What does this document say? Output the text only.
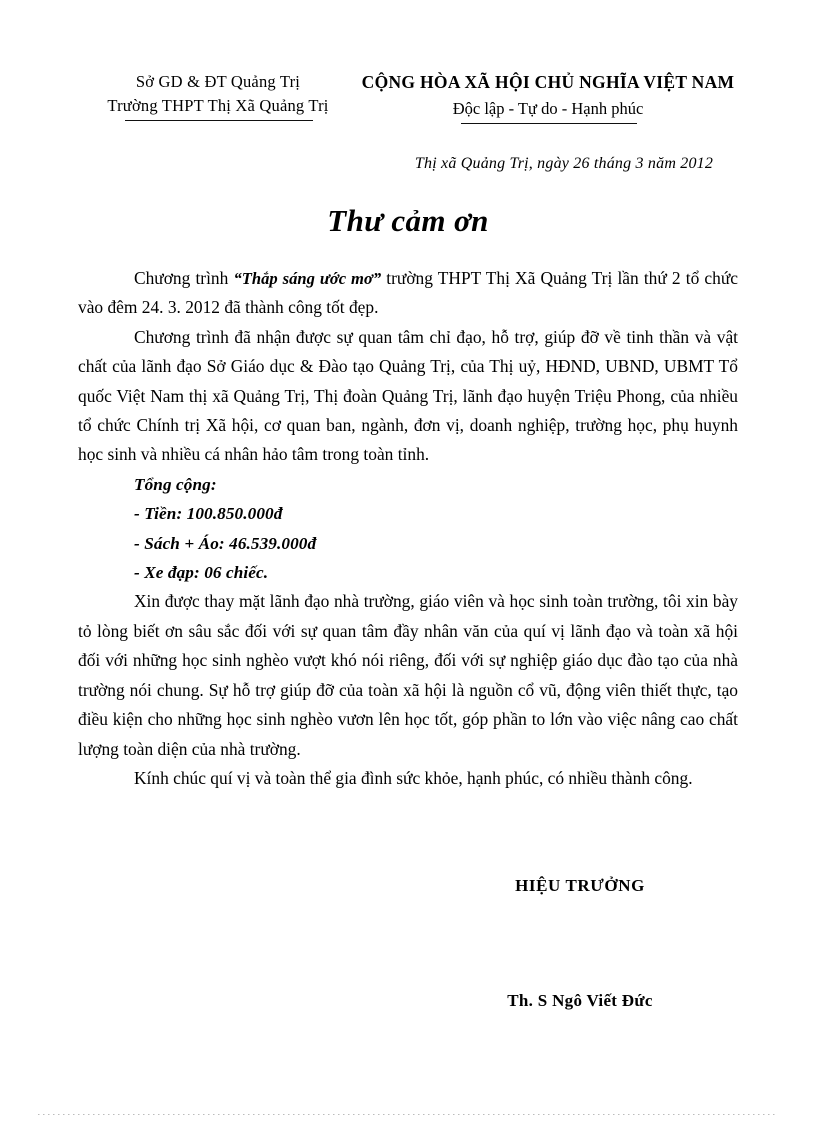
Sở GD & ĐT Quảng Trị
Trường THPT Thị Xã Quảng Trị
CỘNG HÒA XÃ HỘI CHỦ NGHĨA VIỆT NAM
Độc lập - Tự do - Hạnh phúc
Thị xã Quảng Trị, ngày 26 tháng 3 năm 2012
Thư cảm ơn

Chương trình “Thắp sáng ước mơ” trường THPT Thị Xã Quảng Trị lần thứ 2 tổ chức vào đêm 24. 3. 2012 đã thành công tốt đẹp.

Chương trình đã nhận được sự quan tâm chỉ đạo, hỗ trợ, giúp đỡ về tinh thần và vật chất của lãnh đạo Sở Giáo dục & Đào tạo Quảng Trị, của Thị uỷ, HĐND, UBND, UBMT Tổ quốc Việt Nam thị xã Quảng Trị, Thị đoàn Quảng Trị, lãnh đạo huyện Triệu Phong, của nhiều tổ chức Chính trị Xã hội, cơ quan ban, ngành, đơn vị, doanh nghiệp, trường học, phụ huynh học sinh và nhiều cá nhân hảo tâm trong toàn tỉnh.

Tổng cộng:
- Tiền: 100.850.000đ
- Sách + Áo: 46.539.000đ
- Xe đạp: 06 chiếc.

Xin được thay mặt lãnh đạo nhà trường, giáo viên và học sinh toàn trường, tôi xin bày tỏ lòng biết ơn sâu sắc đối với sự quan tâm đầy nhân văn của quí vị lãnh đạo và toàn xã hội đối với những học sinh nghèo vượt khó nói riêng, đối với sự nghiệp giáo dục đào tạo của nhà trường nói chung. Sự hỗ trợ giúp đỡ của toàn xã hội là nguồn cổ vũ, động viên thiết thực, tạo điều kiện cho những học sinh nghèo vươn lên học tốt, góp phần to lớn vào việc nâng cao chất lượng toàn diện của nhà trường.

Kính chúc quí vị và toàn thể gia đình sức khỏe, hạnh phúc, có nhiều thành công.

HIỆU TRƯỞNG
Th. S Ngô Viết Đức
